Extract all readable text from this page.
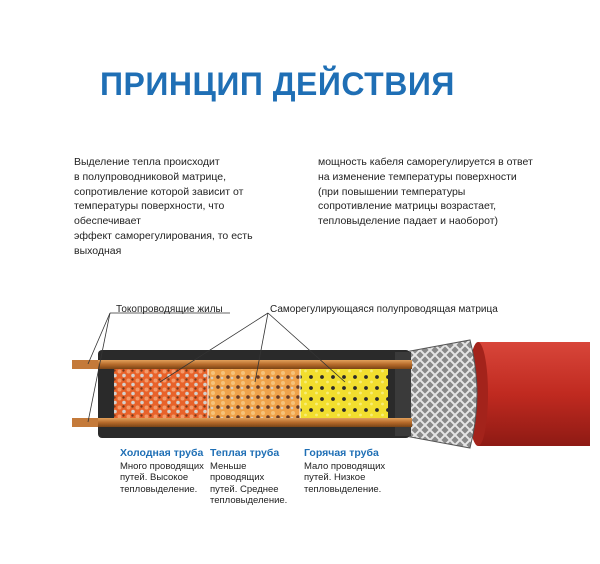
ПРИНЦИП ДЕЙСТВИЯ
Выделение тепла происходит
в полупроводниковой матрице,
сопротивление которой зависит от
температуры поверхности, что обеспечивает
эффект саморегулирования, то есть выходная
мощность кабеля саморегулируется в ответ
на изменение температуры поверхности
(при повышении температуры
сопротивление матрицы возрастает,
тепловыделение падает и наоборот)
Токопроводящие жилы	Саморегулирующаяся полупроводящая матрица
Холодная труба
Много проводящих
путей. Высокое
тепловыделение.
Теплая труба
Меньше проводящих
путей. Среднее
тепловыделение.
Горячая труба
Мало проводящих
путей. Низкое
тепловыделение.
